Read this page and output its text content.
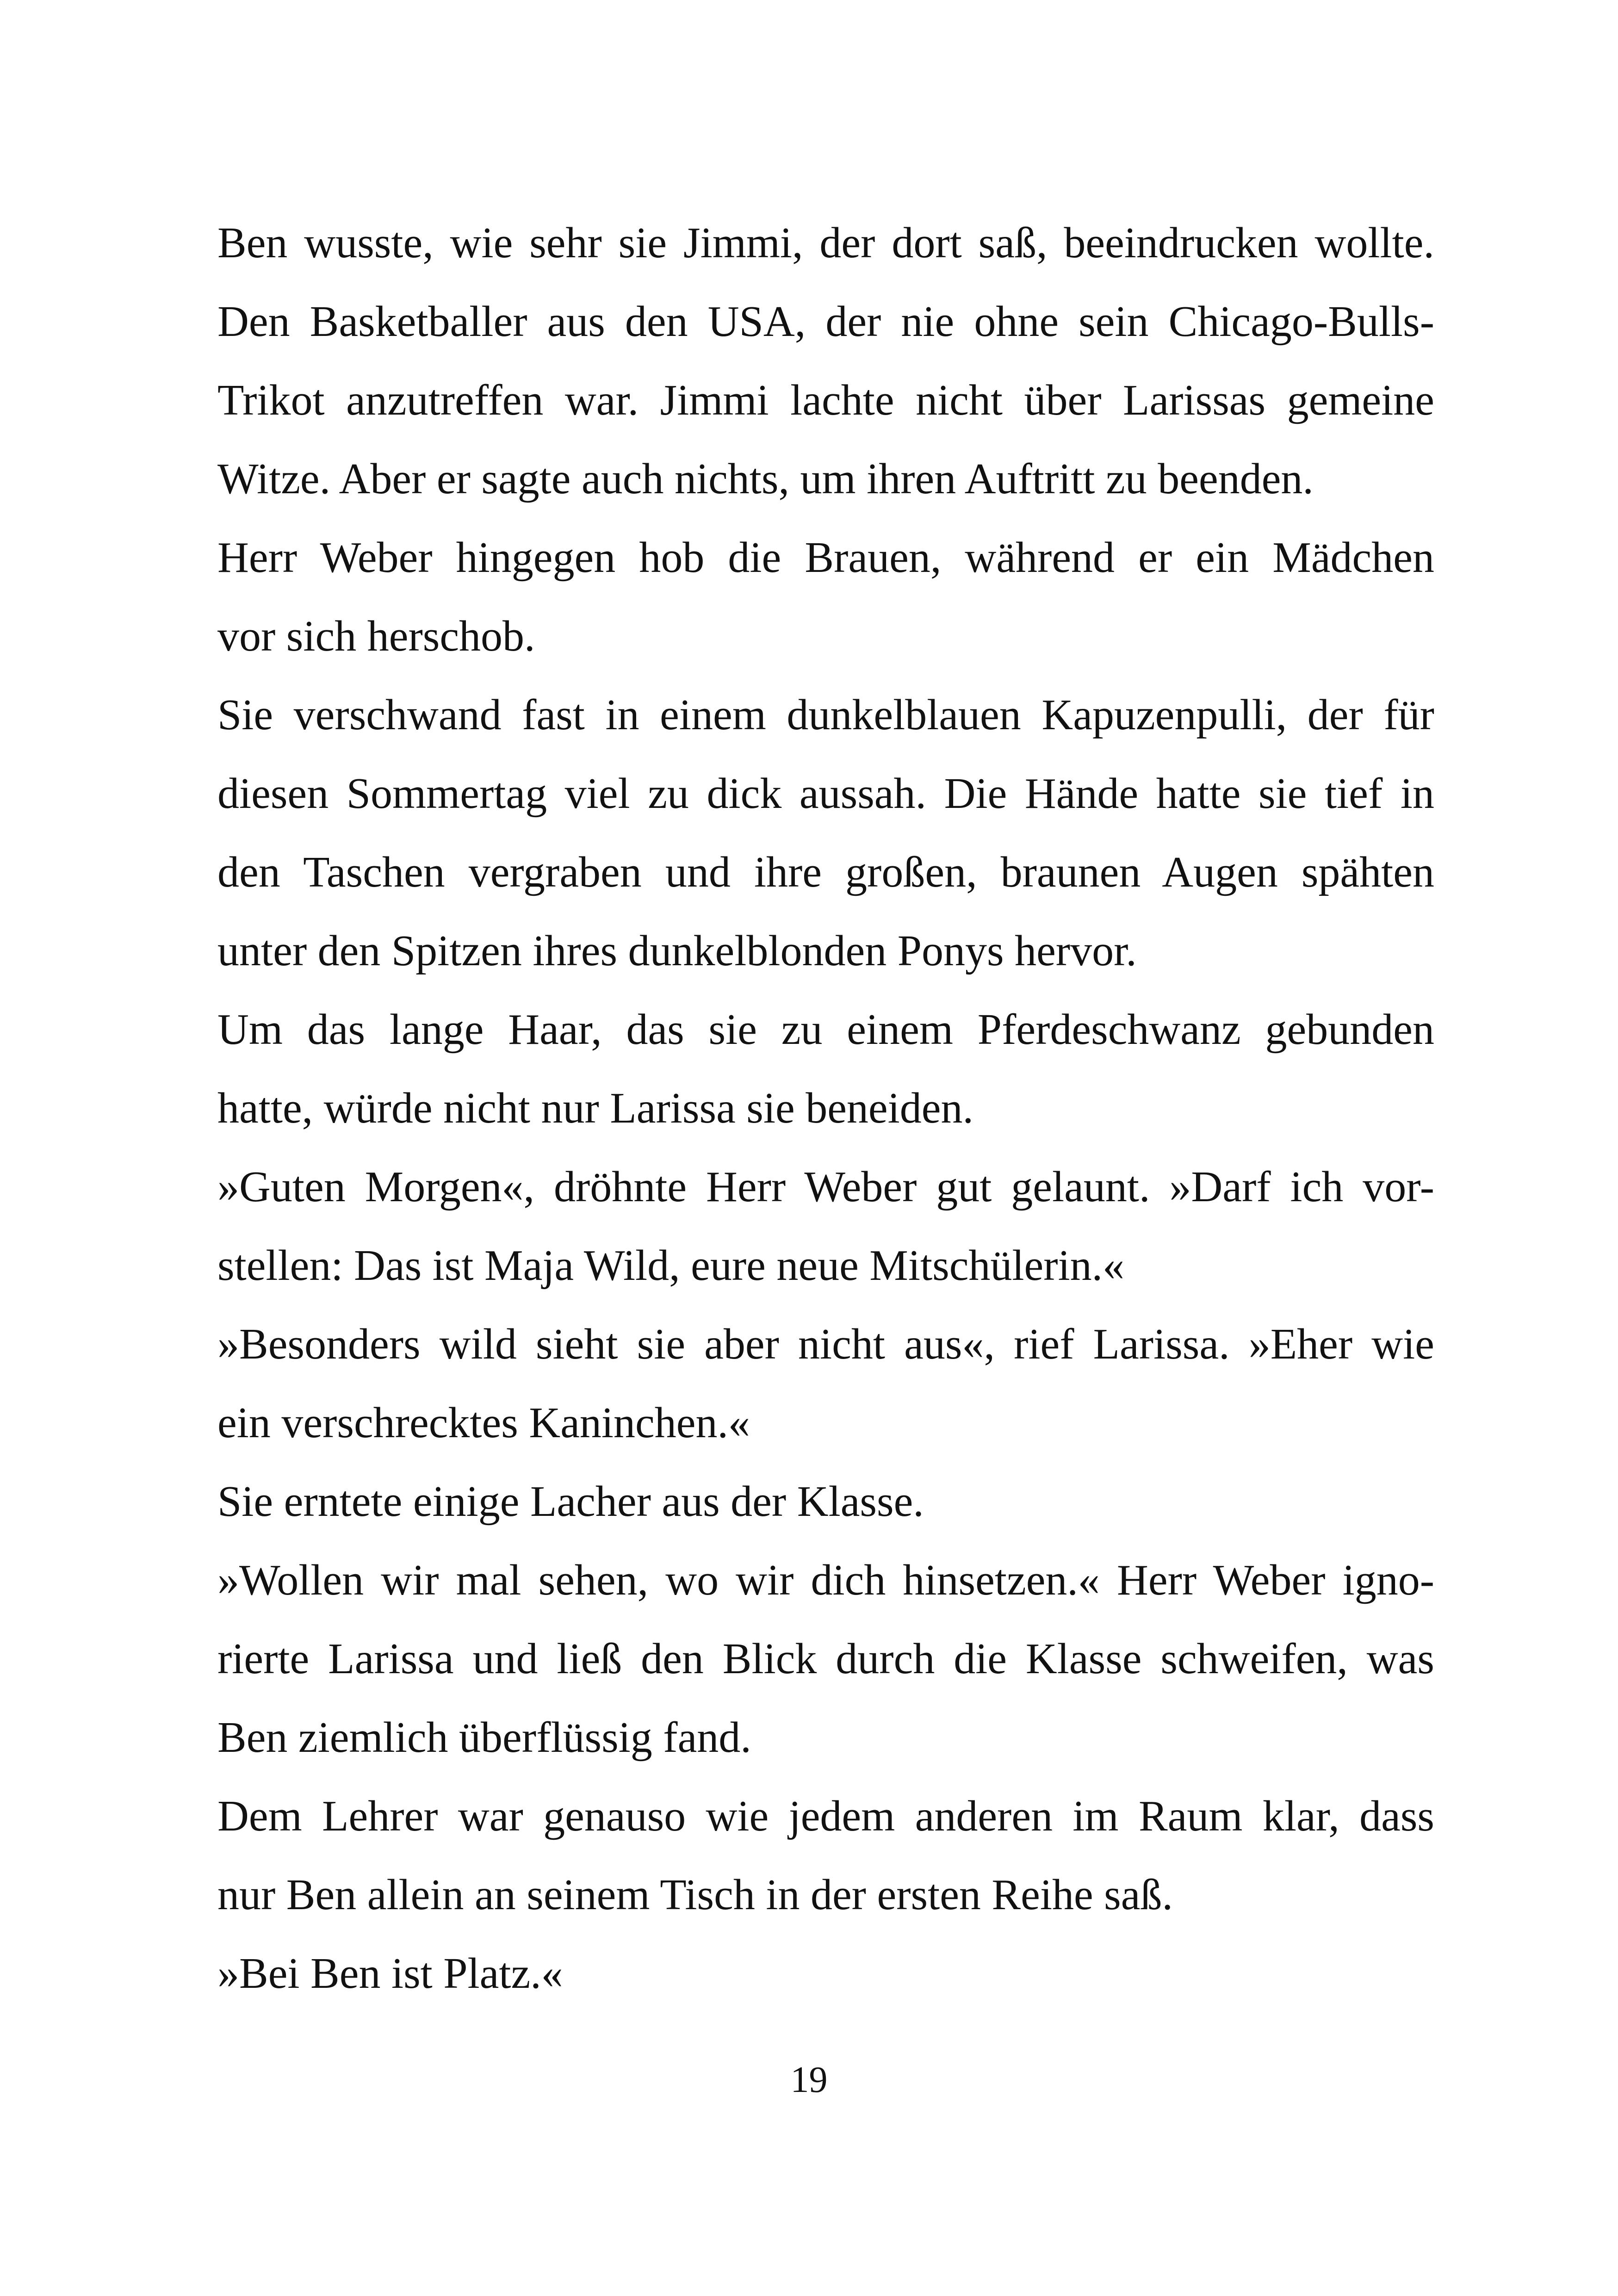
Ben wusste, wie sehr sie Jimmi, der dort saß, beeindrucken wollte.
Den Basketballer aus den USA, der nie ohne sein Chicago-Bulls-
Trikot anzutreffen war. Jimmi lachte nicht über Larissas gemeine
Witze. Aber er sagte auch nichts, um ihren Auftritt zu beenden.

Herr Weber hingegen hob die Brauen, während er ein Mädchen
vor sich herschob.

Sie verschwand fast in einem dunkelblauen Kapuzenpulli, der für
diesen Sommertag viel zu dick aussah. Die Hände hatte sie tief in
den Taschen vergraben und ihre großen, braunen Augen spähten
unter den Spitzen ihres dunkelblonden Ponys hervor.

Um das lange Haar, das sie zu einem Pferdeschwanz gebunden
hatte, würde nicht nur Larissa sie beneiden.

»Guten Morgen«, dröhnte Herr Weber gut gelaunt. »Darf ich vor-
stellen: Das ist Maja Wild, eure neue Mitschülerin.«

»Besonders wild sieht sie aber nicht aus«, rief Larissa. »Eher wie
ein verschrecktes Kaninchen.«

Sie erntete einige Lacher aus der Klasse.

»Wollen wir mal sehen, wo wir dich hinsetzen.« Herr Weber igno-
rierte Larissa und ließ den Blick durch die Klasse schweifen, was
Ben ziemlich überflüssig fand.

Dem Lehrer war genauso wie jedem anderen im Raum klar, dass
nur Ben allein an seinem Tisch in der ersten Reihe saß.

»Bei Ben ist Platz.«

19
